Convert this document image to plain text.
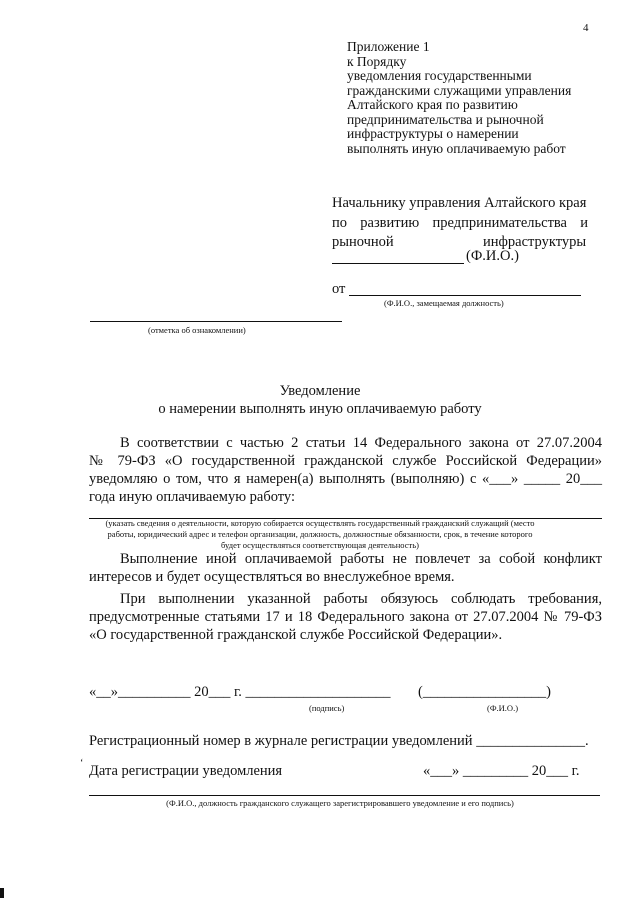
4
Приложение 1
к Порядку
уведомления государственными
гражданскими служащими управления
Алтайского края по развитию
предпринимательства и рыночной
инфраструктуры о намерении
выполнять иную оплачиваемую работ
Начальнику управления Алтайского края
по развитию предпринимательства и
рыночной	инфраструктуры
(Ф.И.О.)
от
(Ф.И.О., замещаемая должность)
(отметка об ознакомлении)
Уведомление
о намерении выполнять иную оплачиваемую работу
В соответствии с частью 2 статьи 14 Федерального закона от 27.07.2004
№ 79-ФЗ «О государственной гражданской службе Российской Федерации»
уведомляю о том, что я намерен(а) выполнять (выполняю) с «___» _____ 20___
года иную оплачиваемую работу:
(указать сведения о деятельности, которую собирается осуществлять государственный гражданский служащий (место
работы, юридический адрес и телефон организации, должность, должностные обязанности, срок, в течение которого
будет осуществляться соответствующая деятельность)
Выполнение иной оплачиваемой работы не повлечет за собой конфликт
интересов и будет осуществляться во внеслужебное время.
При выполнении указанной работы обязуюсь соблюдать требования,
предусмотренные статьями 17 и 18 Федерального закона от 27.07.2004 № 79-ФЗ
«О государственной гражданской службе Российской Федерации».
«__»__________ 20___ г. ____________________ (_________________)
(подпись)	(Ф.И.О.)
Регистрационный номер в журнале регистрации уведомлений _______________.
Дата регистрации уведомления	«___» _________ 20___ г.
ʻ
(Ф.И.О., должность гражданского служащего зарегистрировавшего уведомление и его подпись)
